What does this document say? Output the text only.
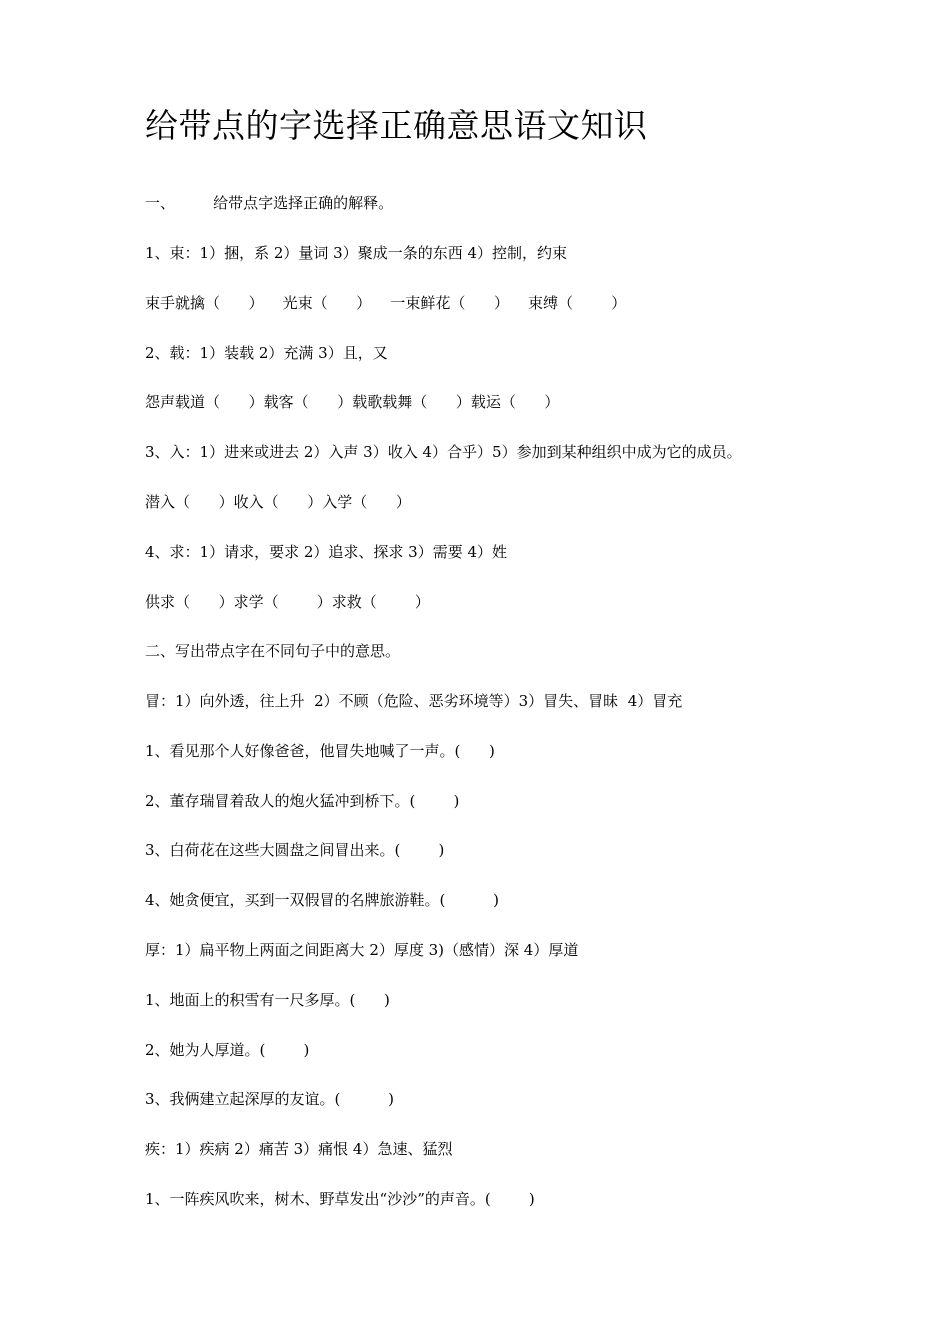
给带点的字选择正确意思语文知识
一、        给带点字选择正确的解释。
1、束：1）捆，系 2）量词 3）聚成一条的东西 4）控制，约束
束手就擒（      ）    光束（      ）    一束鲜花（      ）    束缚（        ）
2、载：1）装载 2）充满 3）且，又
怨声载道（      ）载客（      ）载歌载舞（      ）载运（      ）
3、入：1）进来或进去 2）入声 3）收入 4）合乎）5）参加到某种组织中成为它的成员。
潜入（      ）收入（      ）入学（      ）
4、求：1）请求，要求 2）追求、探求 3）需要 4）姓
供求（      ）求学（        ）求救（        ）
二、写出带点字在不同句子中的意思。
冒：1）向外透，往上升  2）不顾（危险、恶劣环境等）3）冒失、冒昧  4）冒充
1、看见那个人好像爸爸，他冒失地喊了一声。(      )
2、董存瑞冒着敌人的炮火猛冲到桥下。(        )
3、白荷花在这些大圆盘之间冒出来。(        )
4、她贪便宜，买到一双假冒的名牌旅游鞋。(          )
厚：1）扁平物上两面之间距离大 2）厚度 3)（感情）深 4）厚道
1、地面上的积雪有一尺多厚。(      )
2、她为人厚道。(        )
3、我俩建立起深厚的友谊。(          )
疾：1）疾病 2）痛苦 3）痛恨 4）急速、猛烈
1、一阵疾风吹来，树木、野草发出“沙沙”的声音。(        )
